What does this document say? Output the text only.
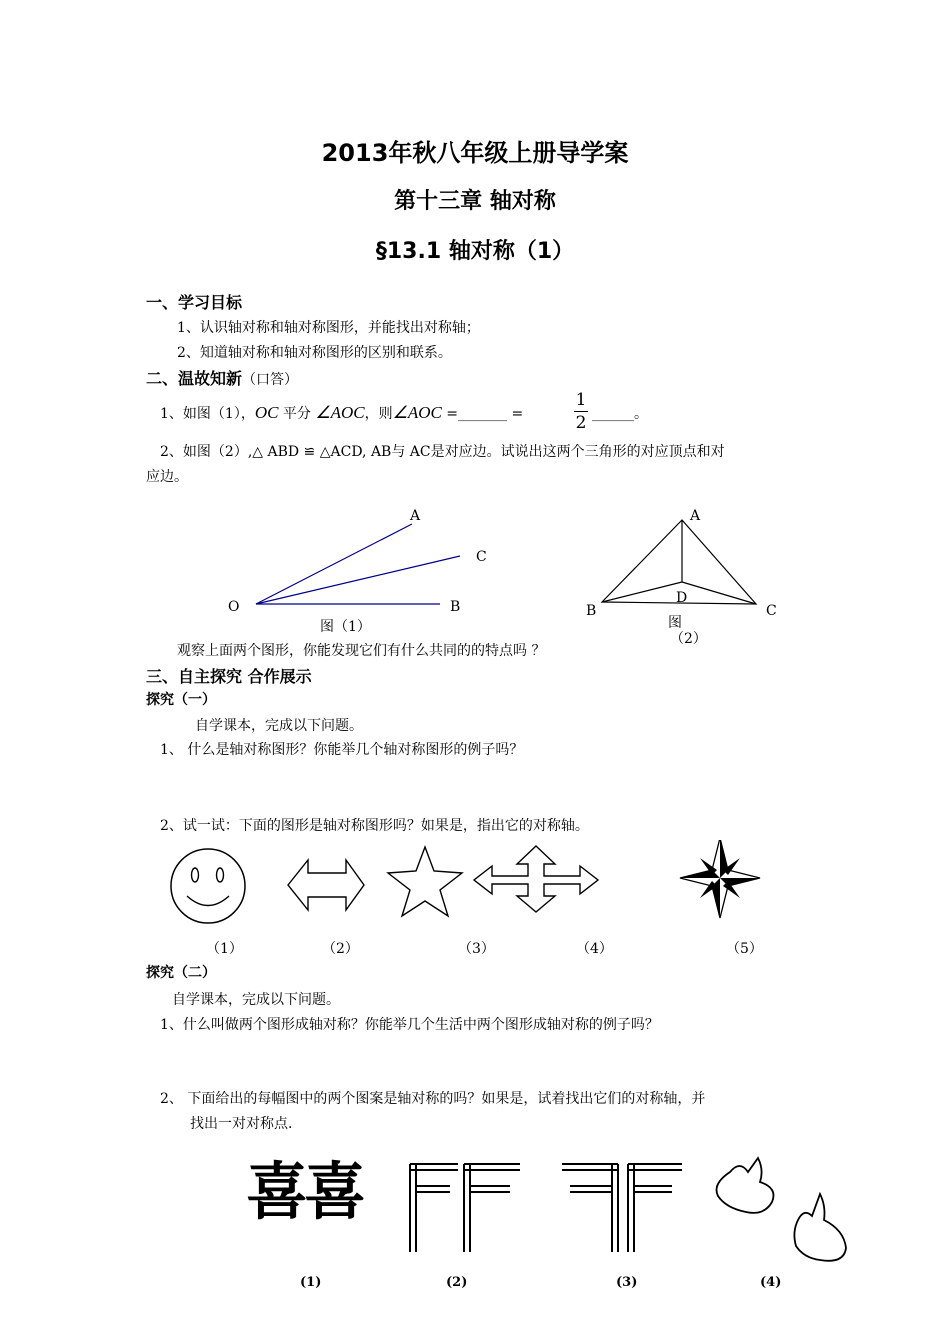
2013年秋八年级上册导学案
第十三章 轴对称
§13.1 轴对称（1）
一、学习目标
1、认识轴对称和轴对称图形，并能找出对称轴；
2、知道轴对称和轴对称图形的区别和联系。
二、温故知新（口答）
1、如图（1），OC 平分 ∠AOC，则∠AOC =_______ =
1
2 ______。
2、如图（2）,△ ABD ≌ △ACD, AB与 AC是对应边。试说出这两个三角形的对应顶点和对
应边。
A
C
O	B
图（1）
A
D
B	C
图
（2）
观察上面两个图形，你能发现它们有什么共同的的特点吗 ？
三、自主探究 合作展示
探究（一）
自学课本，完成以下问题。
1、 什么是轴对称图形？你能举几个轴对称图形的例子吗？
2、试一试：下面的图形是轴对称图形吗？如果是，指出它的对称轴。
（1）	（2）	（3）	（4）	（5）
探究（二）
自学课本，完成以下问题。
1、什么叫做两个图形成轴对称？你能举几个生活中两个图形成轴对称的例子吗？
2、 下面给出的每幅图中的两个图案是轴对称的吗？如果是，试着找出它们的对称轴，并
找出一对对称点.
喜喜
(1)	(2)	(3)	(4)
